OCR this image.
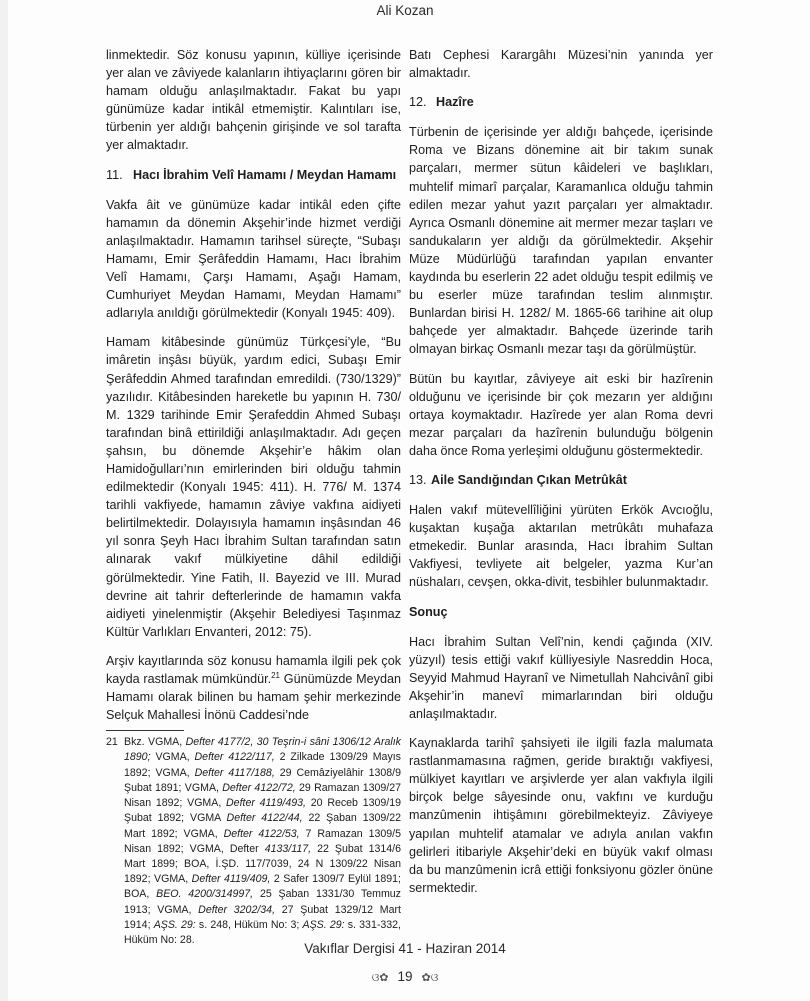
Ali Kozan

linmektedir. Söz konusu yapının, külliye içerisinde yer alan ve zâviyede kalanların ihtiyaçlarını gören bir hamam olduğu anlaşılmaktadır. Fakat bu yapı günümüze kadar intikâl etmemiştir. Kalıntıları ise, türbenin yer aldığı bahçenin girişinde ve sol tarafta yer almaktadır.

11. Hacı İbrahim Velî Hamamı / Meydan Hamamı

Vakfa âit ve günümüze kadar intikâl eden çifte hamamın da dönemin Akşehir’inde hizmet verdiği anlaşılmaktadır. Hamamın tarihsel süreçte, “Subaşı Hamamı, Emir Şerâfeddin Hamamı, Hacı İbrahim Velî Hamamı, Çarşı Hamamı, Aşağı Hamam, Cumhuriyet Meydan Hamamı, Meydan Hamamı” adlarıyla anıldığı görülmektedir (Konyalı 1945: 409).

Hamam kitâbesinde günümüz Türkçesi’yle, “Bu imâretin inşâsı büyük, yardım edici, Subaşı Emir Şerâfeddin Ahmed tarafından emredildi. (730/1329)” yazılıdır. Kitâbesinden hareketle bu yapının H. 730/ M. 1329 tarihinde Emir Şerafeddin Ahmed Subaşı tarafından binâ ettirildiği anlaşılmaktadır. Adı geçen şahsın, bu dönemde Akşehir’e hâkim olan Hamidoğulları’nın emirlerinden biri olduğu tahmin edilmektedir (Konyalı 1945: 411). H. 776/ M. 1374 tarihli vakfiyede, hamamın zâviye vakfına aidiyeti belirtilmektedir. Dolayısıyla hamamın inşâsından 46 yıl sonra Şeyh Hacı İbrahim Sultan tarafından satın alınarak vakıf mülkiyetine dâhil edildiği görülmektedir. Yine Fatih, II. Bayezid ve III. Murad devrine ait tahrir defterlerinde de hamamın vakfa aidiyeti yinelenmiştir (Akşehir Belediyesi Taşınmaz Kültür Varlıkları Envanteri, 2012: 75).

Arşiv kayıtlarında söz konusu hamamla ilgili pek çok kayda rastlamak mümkündür.$^{21}$ Günümüzde Meydan Hamamı olarak bilinen bu hamam şehir merkezinde Selçuk Mahallesi İnönü Caddesi’nde

21 Bkz. VGMA, Defter 4177/2, 30 Teşrin-i sâni 1306/12 Aralık 1890; VGMA, Defter 4122/117, 2 Zilkade 1309/29 Mayıs 1892; VGMA, Defter 4117/188, 29 Cemâziyelâhir 1308/9 Şubat 1891; VGMA, Defter 4122/72, 29 Ramazan 1309/27 Nisan 1892; VGMA, Defter 4119/493, 20 Receb 1309/19 Şubat 1892; VGMA Defter 4122/44, 22 Şaban 1309/22 Mart 1892; VGMA, Defter 4122/53, 7 Ramazan 1309/5 Nisan 1892; VGMA, Defter 4133/117, 22 Şubat 1314/6 Mart 1899; BOA, İ.ŞD. 117/7039, 24 N 1309/22 Nisan 1892; VGMA, Defter 4119/409, 2 Safer 1309/7 Eylül 1891; BOA, BEO. 4200/314997, 25 Şaban 1331/30 Temmuz 1913; VGMA, Defter 3202/34, 27 Şubat 1329/12 Mart 1914; AŞS. 29: s. 248, Hüküm No: 3; AŞS. 29: s. 331-332, Hüküm No: 28.

Batı Cephesi Karargâhı Müzesi’nin yanında yer almaktadır.

12. Hazîre

Türbenin de içerisinde yer aldığı bahçede, içerisinde Roma ve Bizans dönemine ait bir takım sunak parçaları, mermer sütun kâideleri ve başlıkları, muhtelif mimarî parçalar, Karamanlıca olduğu tahmin edilen mezar yahut yazıt parçaları yer almaktadır. Ayrıca Osmanlı dönemine ait mermer mezar taşları ve sandukaların yer aldığı da görülmektedir. Akşehir Müze Müdürlüğü tarafından yapılan envanter kaydında bu eserlerin 22 adet olduğu tespit edilmiş ve bu eserler müze tarafından teslim alınmıştır. Bunlardan birisi H. 1282/ M. 1865-66 tarihine ait olup bahçede yer almaktadır. Bahçede üzerinde tarih olmayan birkaç Osmanlı mezar taşı da görülmüştür.

Bütün bu kayıtlar, zâviyeye ait eski bir hazîrenin olduğunu ve içerisinde bir çok mezarın yer aldığını ortaya koymaktadır. Hazîrede yer alan Roma devri mezar parçaları da hazîrenin bulunduğu bölgenin daha önce Roma yerleşimi olduğunu göstermektedir.

13. Aile Sandığından Çıkan Metrûkât

Halen vakıf mütevellîliğini yürüten Erkök Avcıoğlu, kuşaktan kuşağa aktarılan metrûkâtı muhafaza etmekedir. Bunlar arasında, Hacı İbrahim Sultan Vakfiyesi, tevliyete ait belgeler, yazma Kur’an nüshaları, cevşen, okka-divit, tesbihler bulunmaktadır.

Sonuç

Hacı İbrahim Sultan Velî’nin, kendi çağında (XIV. yüzyıl) tesis ettiği vakıf külliyesiyle Nasreddin Hoca, Seyyid Mahmud Hayranî ve Nimetullah Nahcivânî gibi Akşehir’in manevî mimarlarından biri olduğu anlaşılmaktadır.

Kaynaklarda tarihî şahsiyeti ile ilgili fazla malumata rastlanmamasına rağmen, geride bıraktığı vakfiyesi, mülkiyet kayıtları ve arşivlerde yer alan vakfıyla ilgili birçok belge sâyesinde onu, vakfını ve kurduğu manzûmenin ihtişâmını görebilmekteyiz. Zâviyeye yapılan muhtelif atamalar ve adıyla anılan vakfın gelirleri itibariyle Akşehir’deki en büyük vakıf olması da bu manzûmenin icrâ ettiği fonksiyonu gözler önüne sermektedir.

Vakıflar Dergisi 41 - Haziran 2014
ଓ✿ 19 ✿ଓ
